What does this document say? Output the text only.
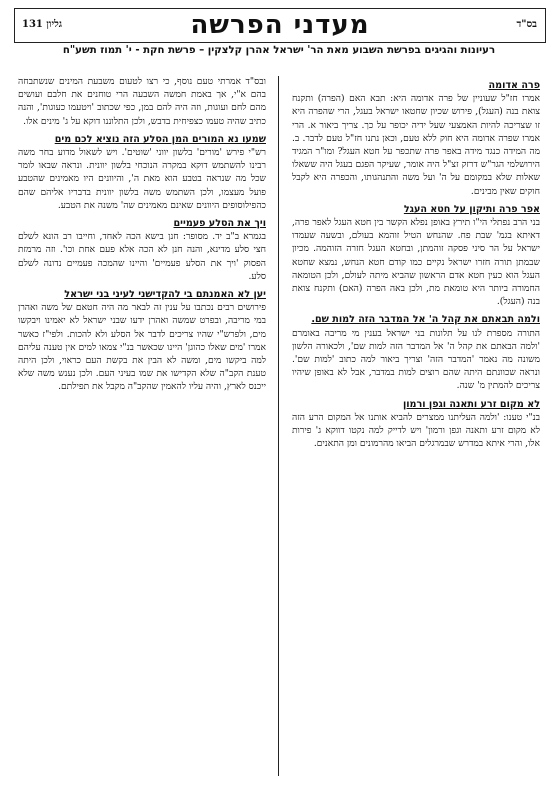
בס"ד
מעדני הפרשה
גליון 131
רעיונות והגיגים בפרשת השבוע מאת הר' ישראל אהרן קלצקין – פרשת חקת - י' תמוז תשע"ח
פרה אדומה

אמרו חז"ל שעוניין של פרה אדומה היא: תבא האם (הפרה) ותקנח צואת בנה (העגל), פירוש שכיון שחטאו ישראל בעגל, הרי שהפרה היא זו שצריכה להיות האמצעי שעל ידיה יכופר על כך. צריך ביאור א. הרי אמרו שפרה אדומה היא חוק ללא טעם, וכאן נתנו חז"ל טעם לדבר. ב. מה המידה כנגד מידה באפר פרה שתכפר על חטא העגל? ומו"ר המגיד הירושלמי הגר"ש דרזק זצ"ל היה אומר, שעיקר הפגם בעגל היה ששאלו שאלות שלא במקומם על ה' ועל משה והתנהגותו, והכפרה היא לקבל חוקים שאין מבינים.

אפר פרה ותיקון על חטא העגל

בני הרב נפתלי הי"ו תירץ באופן נפלא הקשר בין חטא העגל לאפר פרה, דאיתא בגמ' שבת פח. שהנחש הטיל זוהמא בעולם, ובשעה שעמדו ישראל על הר סיני פסקה זוהמתן, ובחטא העגל חזרה הזוהמה. מכיון שבמתן תורה חזרו ישראל נקיים כמו קודם חטא הנחש, נמצא שחטא העגל הוא כעין חטא אדם הראשון שהביא מיתה לעולם, ולכן הטומאה החמורה ביותר היא טומאת מת, ולכן באה הפרה (האם) ותקנח צואת בנה (העגל).

ולמה תבאתם את קהל ה' אל המדבר הזה למות שם.

התורה מספרת לנו על תלונות בני ישראל בענין מי מריבה באומרם 'ולמה הבאתם את קהל ה' אל המדבר הזה למות שם', ולכאורה הלשון משונה מה נאמר 'המדבר הזה' וצריך ביאור למה כתוב 'למות שם'. ונראה שכוונתם היתה שהם רוצים למות במדבר, אבל לא באופן שיהיו צריכים להמתין מ' שנה.

לא מקום זרע ותאנה וגפן ורמון

בנ"י טענו: 'ולמה העליתנו ממצרים להביא אותנו אל המקום הרע הזה לא מקום זרע ותאנה וגפן ורמון' ויש לדייק למה נקטו דווקא ג' פירות אלו, והרי איתא במדרש שבמרגלים הביאו מהרמונים ומן התאנים.

ובס"ד אמרתי טעם נוסף, כי רצו לטעום משבעת המינים שנשתבחה בהם א"י, אך באמת חמשה השבעה הרי טוחנים את חלבם ועושים מהם לחם ועוגות, וזה היה להם במן, כפי שכתוב 'ויטעמו כעוגות', והנה כתיב שהיה טעמו כצפיחית בדבש, ולכן התלוננו דוקא על ג' מינים אלו.

שמעו נא המורים המן הסלע הזה נוציא לכם מים

רש"י פירש 'מורים' בלשון יווני 'שוטים'. ויש לשאול מדוע בחר משה רבינו להשתמש דוקא במקרה הנוכחי בלשון יוונית. ונראה שבאו לומר שכל מה שנראה בטבע הוא מאת ה', והיוונים היו מאמינים שהטבע פועל מעצמו, ולכן השתמש משה בלשון יוונית בדבריו אליהם שהם כהפילוסופים היוונים שאינם מאמינים שה' משנה את הטבע.

ויך את הסלע פעמיים

בגמרא ב"ב יד. מסופר: חנן בישא הכה לאחד, וחייבו רב הונא לשלם חצי סלע מדינא, והנה חנן לא הכה אלא פעם אחת וכו'. וזה מרמזת הפסוק 'ויך את הסלע פעמיים' והיינו שהמכה פעמיים נדונה לשלם סלע.

יען לא האמנתם בי להקדישני לעיני בני ישראל

פירושים רבים נכתבו על ענין זה לבאר מה היה חטאם של משה ואהרן במי מריבה, ובפרט שמשה ואהרן ידעו שבני ישראל לא יאמינו ויבקשו מים, ולפרש"י שהיו צריכים לדבר אל הסלע ולא להכות. ולפי"ז כאשר אמרו 'מים שאלו כהוגן' היינו שכאשר בנ"י צמאו למים אין טענה עליהם למה ביקשו מים, ומשה לא הבין את בקשת העם כראוי, ולכן היתה טענת הקב"ה שלא הקדישו את שמו בעיני העם. ולכן נענש משה שלא ייכנס לארץ, והיה עליו להאמין שהקב"ה מקבל את תפילתם.
